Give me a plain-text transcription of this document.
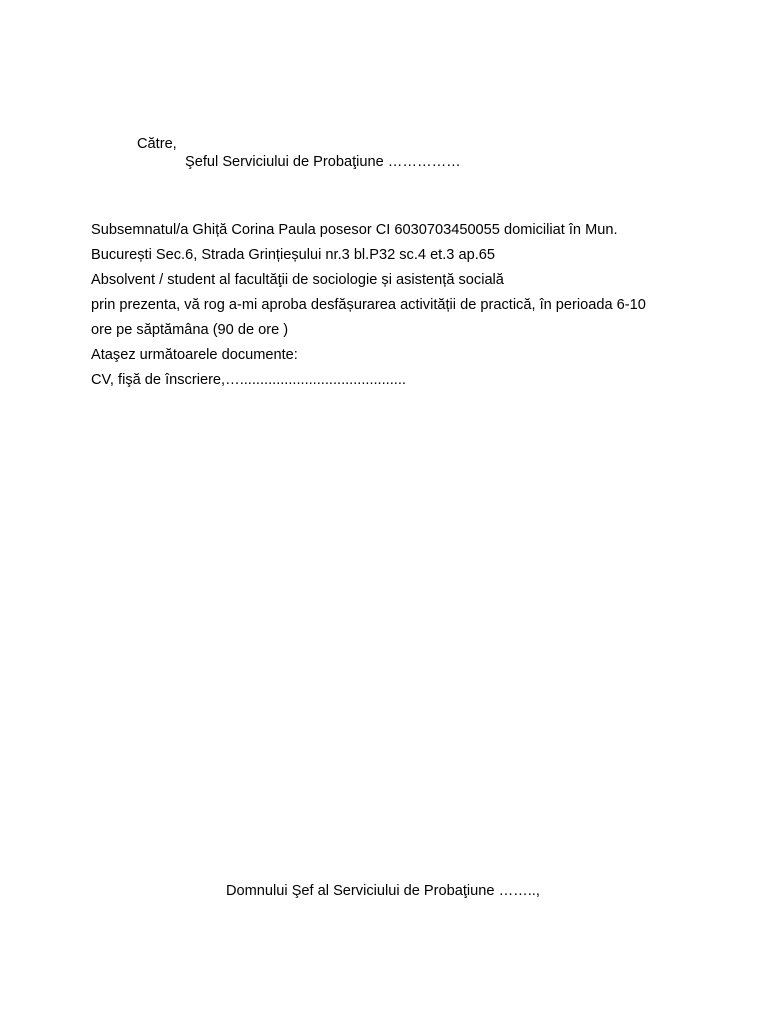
Către,
Şeful Serviciului de Probaţiune ……………
Subsemnatul/a Ghiță Corina Paula posesor CI 6030703450055 domiciliat în Mun.
București Sec.6, Strada Grințieșului nr.3 bl.P32 sc.4 et.3 ap.65
Absolvent / student al facultăţii de sociologie și asistență socială
prin prezenta, vă rog a-mi aproba desfășurarea activității de practică, în perioada 6-10
ore pe săptămâna (90 de ore )
Ataşez următoarele documente:
CV, fişă de înscriere,….........................................
Domnului Şef al Serviciului de Probaţiune ……..,
